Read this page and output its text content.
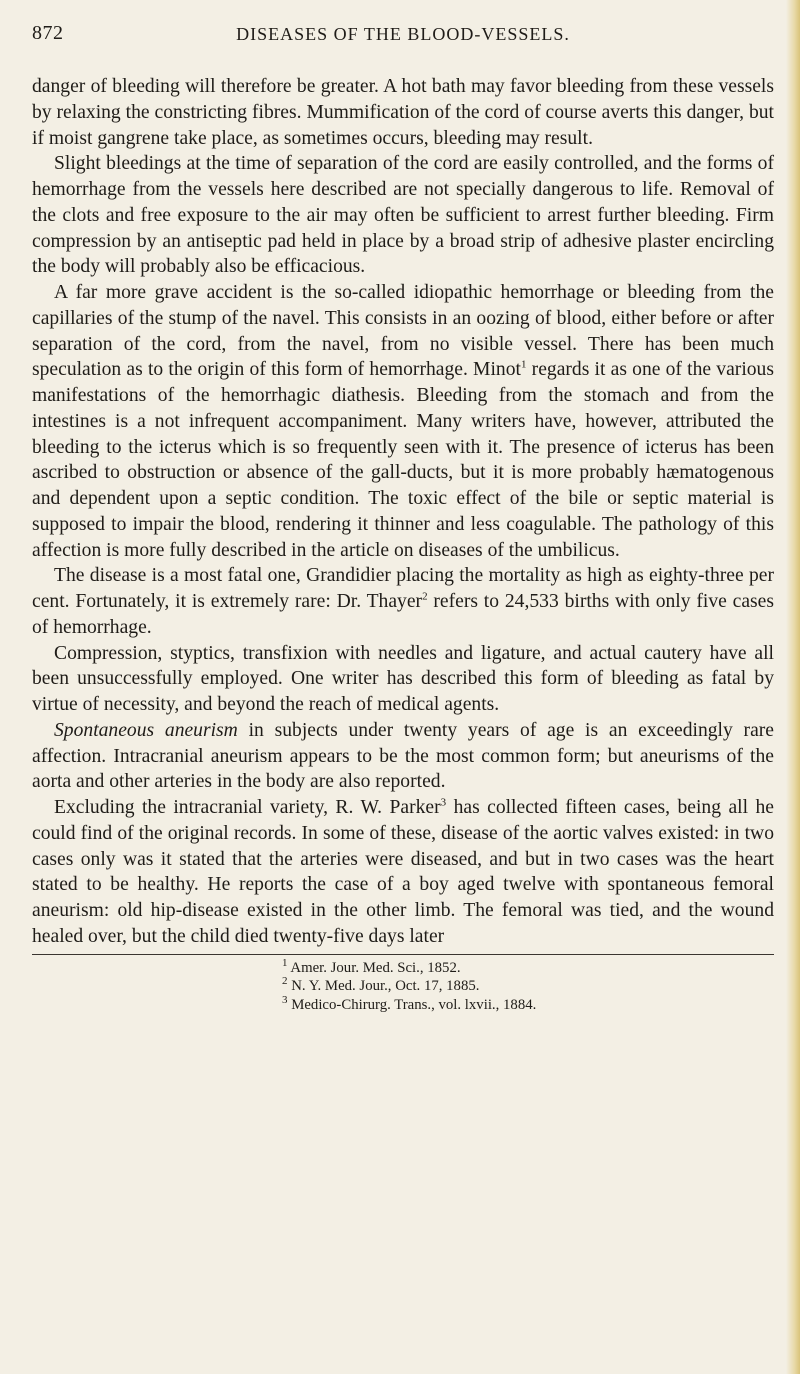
872	DISEASES OF THE BLOOD-VESSELS.

danger of bleeding will therefore be greater. A hot bath may favor bleeding from these vessels by relaxing the constricting fibres. Mummification of the cord of course averts this danger, but if moist gangrene take place, as sometimes occurs, bleeding may result.

Slight bleedings at the time of separation of the cord are easily controlled, and the forms of hemorrhage from the vessels here described are not specially dangerous to life. Removal of the clots and free exposure to the air may often be sufficient to arrest further bleeding. Firm compression by an antiseptic pad held in place by a broad strip of adhesive plaster encircling the body will probably also be efficacious.

A far more grave accident is the so-called idiopathic hemorrhage or bleeding from the capillaries of the stump of the navel. This consists in an oozing of blood, either before or after separation of the cord, from the navel, from no visible vessel. There has been much speculation as to the origin of this form of hemorrhage. Minot$^1$ regards it as one of the various manifestations of the hemorrhagic diathesis. Bleeding from the stomach and from the intestines is a not infrequent accompaniment. Many writers have, however, attributed the bleeding to the icterus which is so frequently seen with it. The presence of icterus has been ascribed to obstruction or absence of the gall-ducts, but it is more probably hæmatogenous and dependent upon a septic condition. The toxic effect of the bile or septic material is supposed to impair the blood, rendering it thinner and less coagulable. The pathology of this affection is more fully described in the article on diseases of the umbilicus.

The disease is a most fatal one, Grandidier placing the mortality as high as eighty-three per cent. Fortunately, it is extremely rare: Dr. Thayer$^2$ refers to 24,533 births with only five cases of hemorrhage.

Compression, styptics, transfixion with needles and ligature, and actual cautery have all been unsuccessfully employed. One writer has described this form of bleeding as fatal by virtue of necessity, and beyond the reach of medical agents.

Spontaneous aneurism in subjects under twenty years of age is an exceedingly rare affection. Intracranial aneurism appears to be the most common form; but aneurisms of the aorta and other arteries in the body are also reported.

Excluding the intracranial variety, R. W. Parker$^3$ has collected fifteen cases, being all he could find of the original records. In some of these, disease of the aortic valves existed: in two cases only was it stated that the arteries were diseased, and but in two cases was the heart stated to be healthy. He reports the case of a boy aged twelve with spontaneous femoral aneurism: old hip-disease existed in the other limb. The femoral was tied, and the wound healed over, but the child died twenty-five days later

$^1$ Amer. Jour. Med. Sci., 1852.
$^2$ N. Y. Med. Jour., Oct. 17, 1885.
$^3$ Medico-Chirurg. Trans., vol. lxvii., 1884.
